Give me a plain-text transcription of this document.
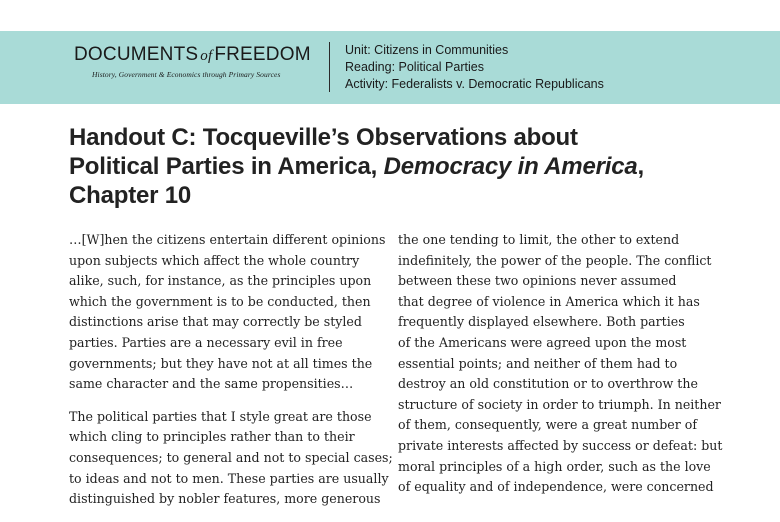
DOCUMENTS of FREEDOM
History, Government & Economics through Primary Sources
Unit: Citizens in Communities
Reading: Political Parties
Activity: Federalists v. Democratic Republicans
Handout C: Tocqueville’s Observations about
Political Parties in America, Democracy in America,
Chapter 10

…[W]hen the citizens entertain different opinions
upon subjects which affect the whole country
alike, such, for instance, as the principles upon
which the government is to be conducted, then
distinctions arise that may correctly be styled
parties. Parties are a necessary evil in free
governments; but they have not at all times the
same character and the same propensities…

The political parties that I style great are those
which cling to principles rather than to their
consequences; to general and not to special cases;
to ideas and not to men. These parties are usually
distinguished by nobler features, more generous

the one tending to limit, the other to extend
indefinitely, the power of the people. The conflict
between these two opinions never assumed
that degree of violence in America which it has
frequently displayed elsewhere. Both parties
of the Americans were agreed upon the most
essential points; and neither of them had to
destroy an old constitution or to overthrow the
structure of society in order to triumph. In neither
of them, consequently, were a great number of
private interests affected by success or defeat: but
moral principles of a high order, such as the love
of equality and of independence, were concerned
